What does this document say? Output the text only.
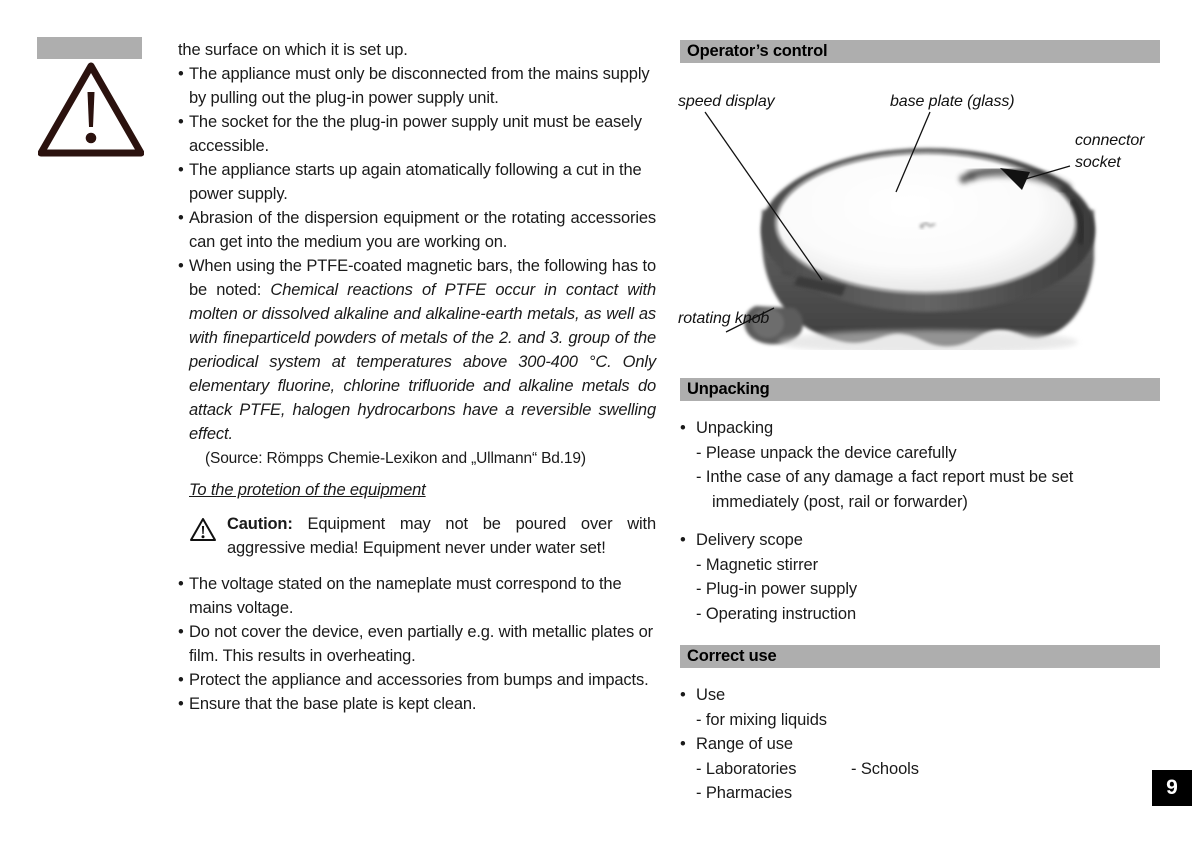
the surface on which it is set up.
• The appliance must only be disconnected from the mains supply by pulling out the plug-in power supply unit.
• The socket for the the plug-in power supply unit must be easely accessible.
• The appliance starts up again atomatically following a cut in the power supply.
• Abrasion of the dispersion equipment or the rotating accessories can get into the medium you are working on.
• When using the PTFE-coated magnetic bars, the following has to be noted: Chemical reactions of PTFE occur in contact with molten or dissolved alkaline and alkaline-earth metals, as well as with fineparticeld powders of metals of the 2. and 3. group of the periodical system at temperatures above 300-400 °C. Only elementary fluorine, chlorine trifluoride and alkaline metals do attack PTFE, halogen hydrocarbons have a reversible swelling effect.
(Source: Römpps Chemie-Lexikon and „Ullmann“ Bd.19)
To the protetion of the equipment
Caution: Equipment may not be poured over with aggressive media! Equipment never under water set!
• The voltage stated on the nameplate must correspond to the mains voltage.
• Do not cover the device, even partially e.g. with metallic plates or film. This results in overheating.
• Protect the appliance and accessories from bumps and impacts.
• Ensure that the base plate is kept clean.
Operator’s control
speed display	base plate (glass)
connector
socket
rotating knob
Unpacking
• Unpacking
- Please unpack the device carefully
- Inthe case of any damage a fact report must be set
immediately (post, rail or forwarder)
• Delivery scope
- Magnetic stirrer
- Plug-in power supply
- Operating instruction
Correct use
• Use
- for mixing liquids
• Range of use
- Laboratories	- Schools
- Pharmacies	9
